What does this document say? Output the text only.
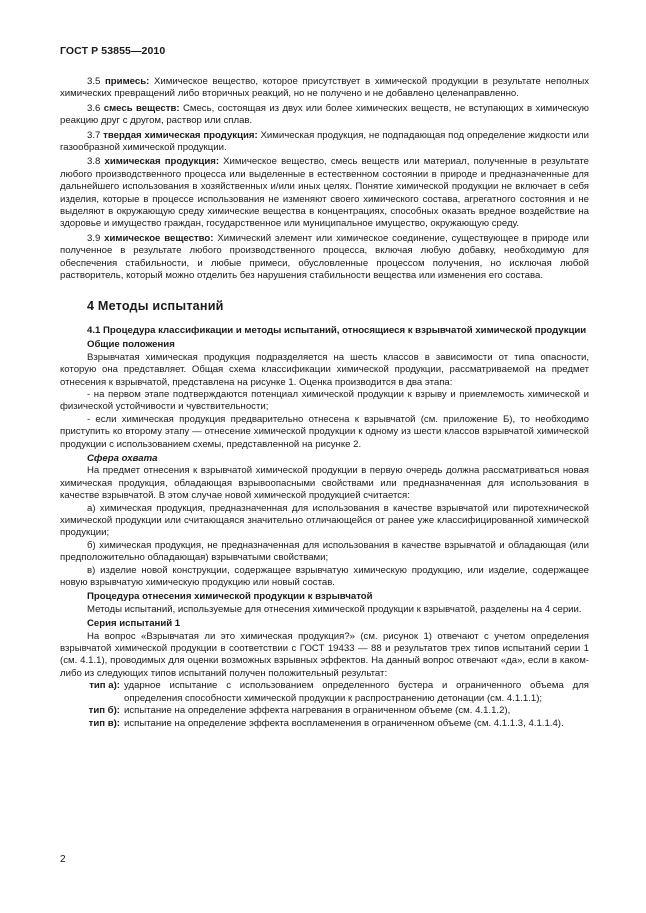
ГОСТ Р 53855—2010

3.5 примесь: Химическое вещество, которое присутствует в химической продукции в результате неполных химических превращений либо вторичных реакций, но не получено и не добавлено целенаправленно.

3.6 смесь веществ: Смесь, состоящая из двух или более химических веществ, не вступающих в химическую реакцию друг с другом, раствор или сплав.

3.7 твердая химическая продукция: Химическая продукция, не подпадающая под определение жидкости или газообразной химической продукции.

3.8 химическая продукция: Химическое вещество, смесь веществ или материал, полученные в результате любого производственного процесса или выделенные в естественном состоянии в природе и предназначенные для дальнейшего использования в хозяйственных и/или иных целях. Понятие химической продукции не включает в себя изделия, которые в процессе использования не изменяют своего химического состава, агрегатного состояния и не выделяют в окружающую среду химические вещества в концентрациях, способных оказать вредное воздействие на здоровье и имущество граждан, государственное или муниципальное имущество, окружающую среду.

3.9 химическое вещество: Химический элемент или химическое соединение, существующее в природе или полученное в результате любого производственного процесса, включая любую добавку, необходимую для обеспечения стабильности, и любые примеси, обусловленные процессом получения, но исключая любой растворитель, который можно отделить без нарушения стабильности вещества или изменения его состава.

4 Методы испытаний

4.1 Процедура классификации и методы испытаний, относящиеся к взрывчатой химической продукции

Общие положения

Взрывчатая химическая продукция подразделяется на шесть классов в зависимости от типа опасности, которую она представляет. Общая схема классификации химической продукции, рассматриваемой на предмет отнесения к взрывчатой, представлена на рисунке 1. Оценка производится в два этапа:

- на первом этапе подтверждаются потенциал химической продукции к взрыву и приемлемость химической и физической устойчивости и чувствительности;

- если химическая продукция предварительно отнесена к взрывчатой (см. приложение Б), то необходимо приступить ко второму этапу — отнесение химической продукции к одному из шести классов взрывчатой химической продукции с использованием схемы, представленной на рисунке 2.

Сфера охвата

На предмет отнесения к взрывчатой химической продукции в первую очередь должна рассматриваться новая химическая продукция, обладающая взрывоопасными свойствами или предназначенная для использования в качестве взрывчатой. В этом случае новой химической продукцией считается:

а) химическая продукция, предназначенная для использования в качестве взрывчатой или пиротехнической химической продукции или считающаяся значительно отличающейся от ранее уже классифицированной химической продукции;

б) химическая продукция, не предназначенная для использования в качестве взрывчатой и обладающая (или предположительно обладающая) взрывчатыми свойствами;

в) изделие новой конструкции, содержащее взрывчатую химическую продукцию, или изделие, содержащее новую взрывчатую химическую продукцию или новый состав.

Процедура отнесения химической продукции к взрывчатой

Методы испытаний, используемые для отнесения химической продукции к взрывчатой, разделены на 4 серии.

Серия испытаний 1

На вопрос «Взрывчатая ли это химическая продукция?» (см. рисунок 1) отвечают с учетом определения взрывчатой химической продукции в соответствии с ГОСТ 19433 — 88 и результатов трех типов испытаний серии 1 (см. 4.1.1), проводимых для оценки возможных взрывных эффектов. На данный вопрос отвечают «да», если в каком-либо из следующих типов испытаний получен положительный результат:

тип а): ударное испытание с использованием определенного бустера и ограниченного объема для определения способности химической продукции к распространению детонации (см. 4.1.1.1);
тип б): испытание на определение эффекта нагревания в ограниченном объеме (см. 4.1.1.2),
тип в): испытание на определение эффекта воспламенения в ограниченном объеме (см. 4.1.1.3, 4.1.1.4).
2
